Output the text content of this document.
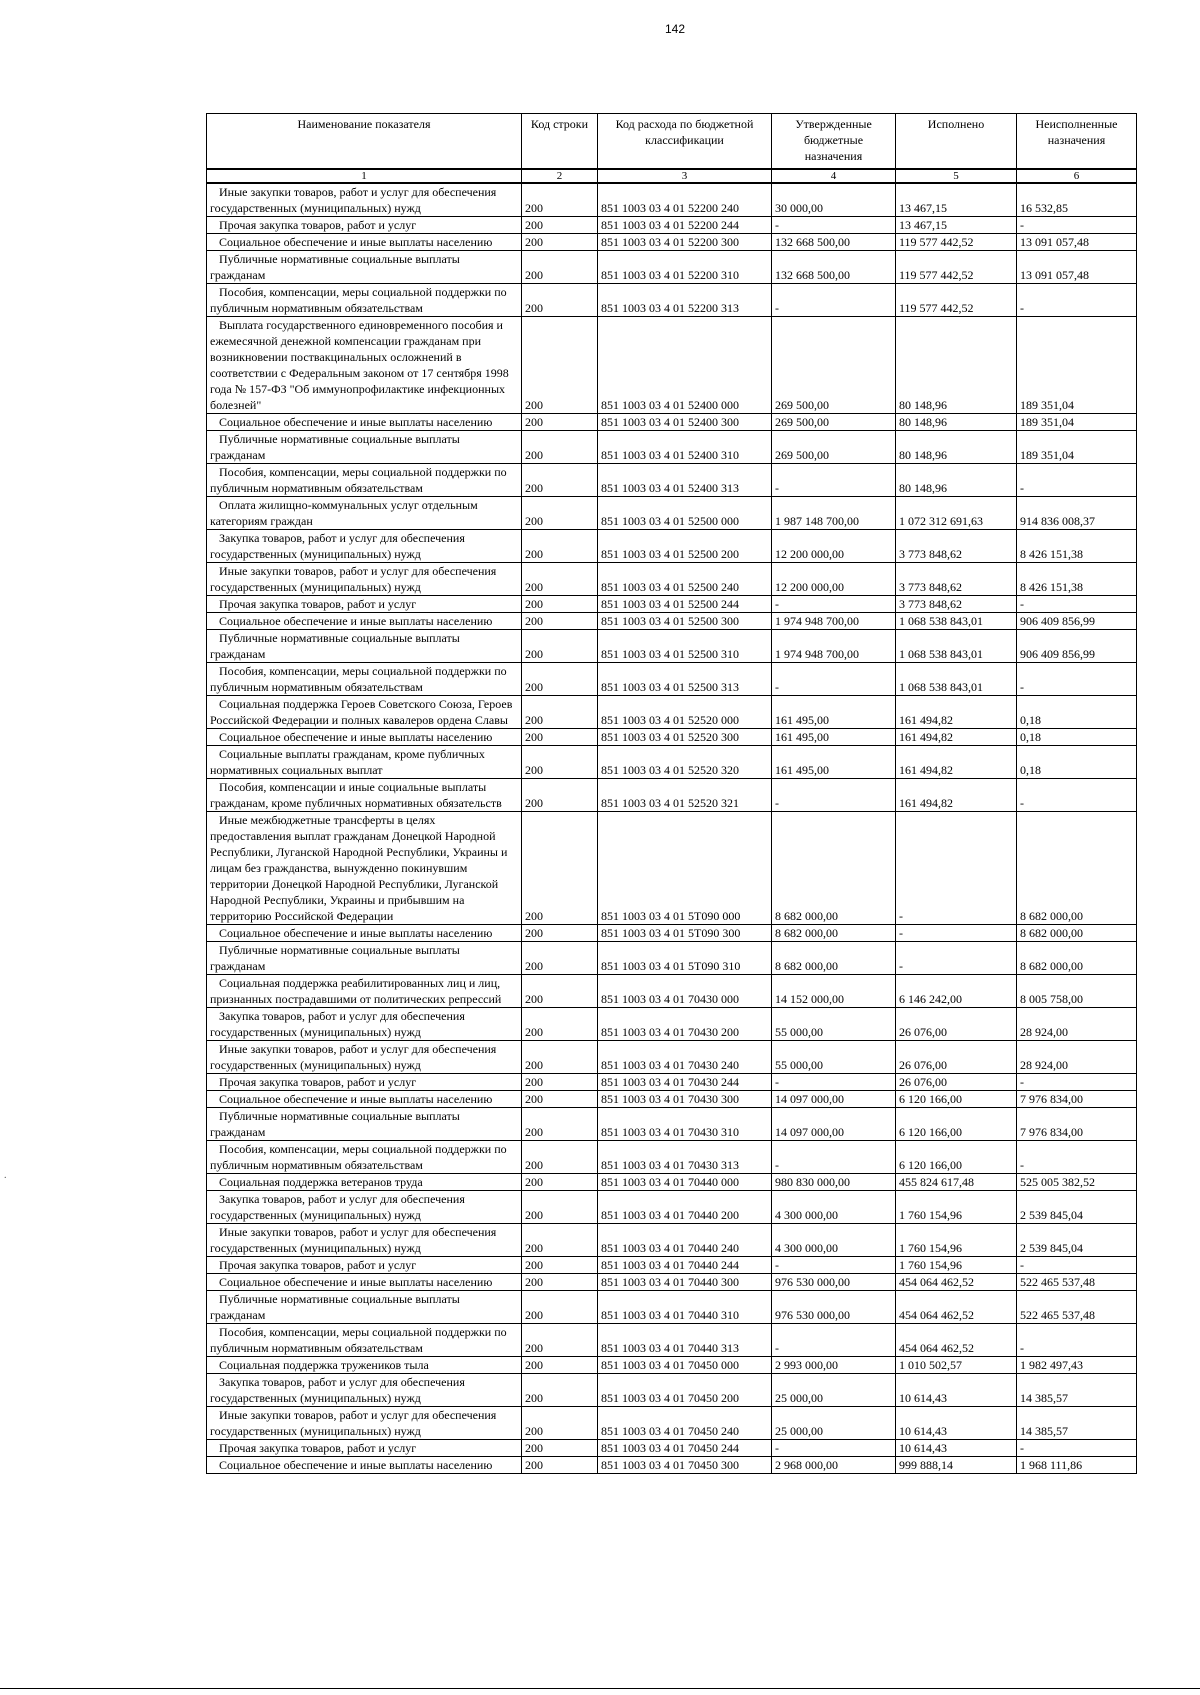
142
Наименование показателя	Код строки	Код расхода по бюджетной классификации	Утвержденные бюджетные назначения	Исполнено	Неисполненные назначения
1	2	3	4	5	6
Иные закупки товаров, работ и услуг для обеспечения государственных (муниципальных) нужд	200	851 1003 03 4 01 52200 240	30 000,00	13 467,15	16 532,85
Прочая закупка товаров, работ и услуг	200	851 1003 03 4 01 52200 244	-	13 467,15	-
Социальное обеспечение и иные выплаты населению	200	851 1003 03 4 01 52200 300	132 668 500,00	119 577 442,52	13 091 057,48
Публичные нормативные социальные выплаты гражданам	200	851 1003 03 4 01 52200 310	132 668 500,00	119 577 442,52	13 091 057,48
Пособия, компенсации, меры социальной поддержки по публичным нормативным обязательствам	200	851 1003 03 4 01 52200 313	-	119 577 442,52	-
Выплата государственного единовременного пособия и ежемесячной денежной компенсации гражданам при возникновении поствакцинальных осложнений в соответствии с Федеральным законом от 17 сентября 1998 года № 157-ФЗ "Об иммунопрофилактике инфекционных болезней"	200	851 1003 03 4 01 52400 000	269 500,00	80 148,96	189 351,04
Социальное обеспечение и иные выплаты населению	200	851 1003 03 4 01 52400 300	269 500,00	80 148,96	189 351,04
Публичные нормативные социальные выплаты гражданам	200	851 1003 03 4 01 52400 310	269 500,00	80 148,96	189 351,04
Пособия, компенсации, меры социальной поддержки по публичным нормативным обязательствам	200	851 1003 03 4 01 52400 313	-	80 148,96	-
Оплата жилищно-коммунальных услуг отдельным категориям граждан	200	851 1003 03 4 01 52500 000	1 987 148 700,00	1 072 312 691,63	914 836 008,37
Закупка товаров, работ и услуг для обеспечения государственных (муниципальных) нужд	200	851 1003 03 4 01 52500 200	12 200 000,00	3 773 848,62	8 426 151,38
Иные закупки товаров, работ и услуг для обеспечения государственных (муниципальных) нужд	200	851 1003 03 4 01 52500 240	12 200 000,00	3 773 848,62	8 426 151,38
Прочая закупка товаров, работ и услуг	200	851 1003 03 4 01 52500 244	-	3 773 848,62	-
Социальное обеспечение и иные выплаты населению	200	851 1003 03 4 01 52500 300	1 974 948 700,00	1 068 538 843,01	906 409 856,99
Публичные нормативные социальные выплаты гражданам	200	851 1003 03 4 01 52500 310	1 974 948 700,00	1 068 538 843,01	906 409 856,99
Пособия, компенсации, меры социальной поддержки по публичным нормативным обязательствам	200	851 1003 03 4 01 52500 313	-	1 068 538 843,01	-
Социальная поддержка Героев Советского Союза, Героев Российской Федерации и полных кавалеров ордена Славы	200	851 1003 03 4 01 52520 000	161 495,00	161 494,82	0,18
Социальное обеспечение и иные выплаты населению	200	851 1003 03 4 01 52520 300	161 495,00	161 494,82	0,18
Социальные выплаты гражданам, кроме публичных нормативных социальных выплат	200	851 1003 03 4 01 52520 320	161 495,00	161 494,82	0,18
Пособия, компенсации и иные социальные выплаты гражданам, кроме публичных нормативных обязательств	200	851 1003 03 4 01 52520 321	-	161 494,82	-
Иные межбюджетные трансферты в целях предоставления выплат гражданам Донецкой Народной Республики, Луганской Народной Республики, Украины и лицам без гражданства, вынужденно покинувшим территории Донецкой Народной Республики, Луганской Народной Республики, Украины и прибывшим на территорию Российской Федерации	200	851 1003 03 4 01 5Т090 000	8 682 000,00	-	8 682 000,00
Социальное обеспечение и иные выплаты населению	200	851 1003 03 4 01 5Т090 300	8 682 000,00	-	8 682 000,00
Публичные нормативные социальные выплаты гражданам	200	851 1003 03 4 01 5Т090 310	8 682 000,00	-	8 682 000,00
Социальная поддержка реабилитированных лиц и лиц, признанных пострадавшими от политических репрессий	200	851 1003 03 4 01 70430 000	14 152 000,00	6 146 242,00	8 005 758,00
Закупка товаров, работ и услуг для обеспечения государственных (муниципальных) нужд	200	851 1003 03 4 01 70430 200	55 000,00	26 076,00	28 924,00
Иные закупки товаров, работ и услуг для обеспечения государственных (муниципальных) нужд	200	851 1003 03 4 01 70430 240	55 000,00	26 076,00	28 924,00
Прочая закупка товаров, работ и услуг	200	851 1003 03 4 01 70430 244	-	26 076,00	-
Социальное обеспечение и иные выплаты населению	200	851 1003 03 4 01 70430 300	14 097 000,00	6 120 166,00	7 976 834,00
Публичные нормативные социальные выплаты гражданам	200	851 1003 03 4 01 70430 310	14 097 000,00	6 120 166,00	7 976 834,00
Пособия, компенсации, меры социальной поддержки по публичным нормативным обязательствам	200	851 1003 03 4 01 70430 313	-	6 120 166,00	-
Социальная поддержка ветеранов труда	200	851 1003 03 4 01 70440 000	980 830 000,00	455 824 617,48	525 005 382,52
Закупка товаров, работ и услуг для обеспечения государственных (муниципальных) нужд	200	851 1003 03 4 01 70440 200	4 300 000,00	1 760 154,96	2 539 845,04
Иные закупки товаров, работ и услуг для обеспечения государственных (муниципальных) нужд	200	851 1003 03 4 01 70440 240	4 300 000,00	1 760 154,96	2 539 845,04
Прочая закупка товаров, работ и услуг	200	851 1003 03 4 01 70440 244	-	1 760 154,96	-
Социальное обеспечение и иные выплаты населению	200	851 1003 03 4 01 70440 300	976 530 000,00	454 064 462,52	522 465 537,48
Публичные нормативные социальные выплаты гражданам	200	851 1003 03 4 01 70440 310	976 530 000,00	454 064 462,52	522 465 537,48
Пособия, компенсации, меры социальной поддержки по публичным нормативным обязательствам	200	851 1003 03 4 01 70440 313	-	454 064 462,52	-
Социальная поддержка тружеников тыла	200	851 1003 03 4 01 70450 000	2 993 000,00	1 010 502,57	1 982 497,43
Закупка товаров, работ и услуг для обеспечения государственных (муниципальных) нужд	200	851 1003 03 4 01 70450 200	25 000,00	10 614,43	14 385,57
Иные закупки товаров, работ и услуг для обеспечения государственных (муниципальных) нужд	200	851 1003 03 4 01 70450 240	25 000,00	10 614,43	14 385,57
Прочая закупка товаров, работ и услуг	200	851 1003 03 4 01 70450 244	-	10 614,43	-
Социальное обеспечение и иные выплаты населению	200	851 1003 03 4 01 70450 300	2 968 000,00	999 888,14	1 968 111,86
.
